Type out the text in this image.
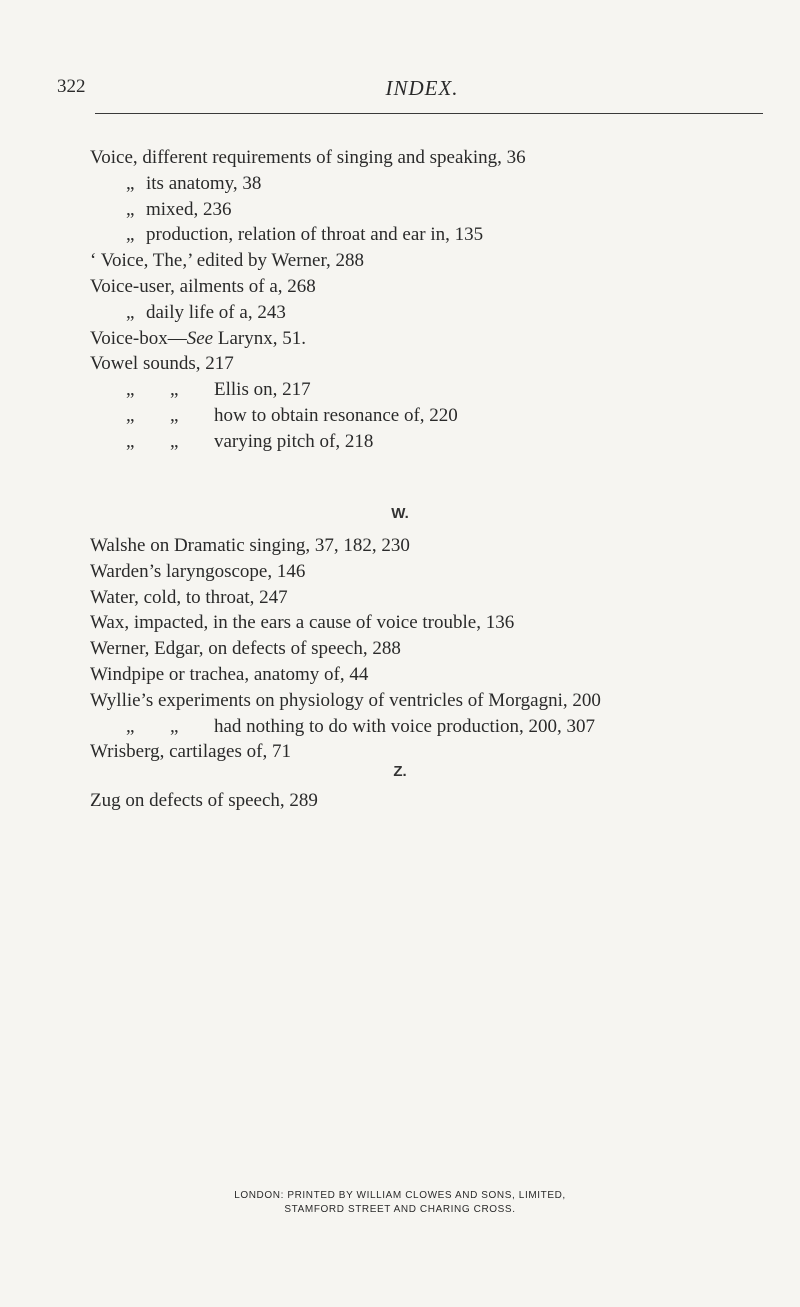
322	INDEX.
Voice, different requirements of singing and speaking, 36
„ its anatomy, 38
„ mixed, 236
„ production, relation of throat and ear in, 135
‘ Voice, The,’ edited by Werner, 288
Voice-user, ailments of a, 268
„ daily life of a, 243
Voice-box—See Larynx, 51.
Vowel sounds, 217
„ „ Ellis on, 217
„ „ how to obtain resonance of, 220
„ „ varying pitch of, 218
W.
Walshe on Dramatic singing, 37, 182, 230
Warden’s laryngoscope, 146
Water, cold, to throat, 247
Wax, impacted, in the ears a cause of voice trouble, 136
Werner, Edgar, on defects of speech, 288
Windpipe or trachea, anatomy of, 44
Wyllie’s experiments on physiology of ventricles of Morgagni, 200
„ „ had nothing to do with voice production, 200, 307
Wrisberg, cartilages of, 71
Z.
Zug on defects of speech, 289
LONDON: PRINTED BY WILLIAM CLOWES AND SONS, LIMITED,
STAMFORD STREET AND CHARING CROSS.
